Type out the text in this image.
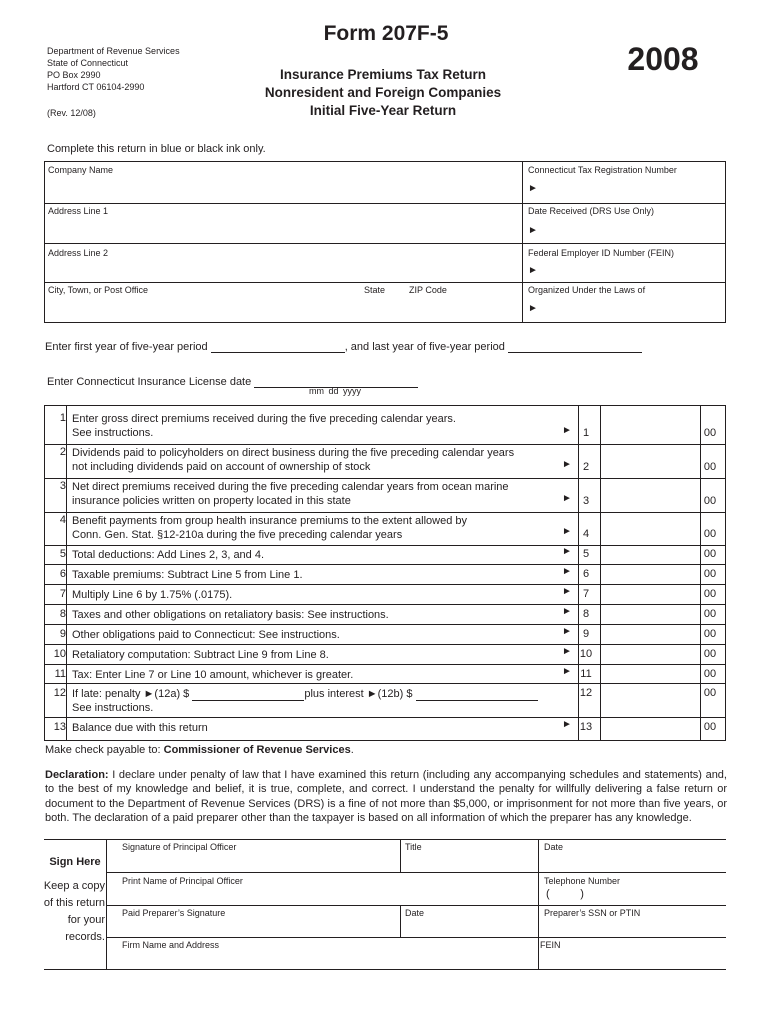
Department of Revenue Services
State of Connecticut
PO Box 2990
Hartford CT 06104-2990
(Rev. 12/08)
Form 207F-5
Insurance Premiums Tax Return
Nonresident and Foreign Companies
Initial Five-Year Return
2008
Complete this return in blue or black ink only.
Company Name	Connecticut Tax Registration Number
►
Address Line 1	Date Received (DRS Use Only)
►
Address Line 2	Federal Employer ID Number (FEIN)
►
City, Town, or Post Office	State	ZIP Code	Organized Under the Laws of
►
Enter first year of five-year period	, and last year of five-year period
Enter Connecticut Insurance License date
mm dd yyyy
1 Enter gross direct premiums received during the five preceding calendar years.
See instructions.	►	1	00
2 Dividends paid to policyholders on direct business during the five preceding calendar years
not including dividends paid on account of ownership of stock	►	2	00
3 Net direct premiums received during the five preceding calendar years from ocean marine
insurance policies written on property located in this state	►	3	00
4 Benefit payments from group health insurance premiums to the extent allowed by
Conn. Gen. Stat. §12-210a during the five preceding calendar years	►	4	00
5 Total deductions: Add Lines 2, 3, and 4.	►	5	00
6 Taxable premiums: Subtract Line 5 from Line 1.	►	6	00
7 Multiply Line 6 by 1.75% (.0175).	►	7	00
8 Taxes and other obligations on retaliatory basis: See instructions.	►	8	00
9 Other obligations paid to Connecticut: See instructions.	►	9	00
10 Retaliatory computation: Subtract Line 9 from Line 8.	► 10	00
11 Tax: Enter Line 7 or Line 10 amount, whichever is greater.	► 11	00
12 If late: penalty ►(12a) $	plus interest ►(12b) $
See instructions.
12	00
13 Balance due with this return	► 13	00
Make check payable to: Commissioner of Revenue Services.
Declaration: I declare under penalty of law that I have examined this return (including any accompanying schedules and statements) and, to the best of my knowledge and belief, it is true, complete, and correct. I understand the penalty for willfully delivering a false return or document to the Department of Revenue Services (DRS) is a fine of not more than $5,000, or imprisonment for not more than five years, or both. The declaration of a paid preparer other than the taxpayer is based on all information of which the preparer has any knowledge.
Sign Here
Keep a copy
of this return
for your
records.
Signature of Principal Officer	Title	Date
Print Name of Principal Officer	Telephone Number
(          )
Paid Preparer’s Signature	Date	Preparer’s SSN or PTIN
Firm Name and Address	FEIN
